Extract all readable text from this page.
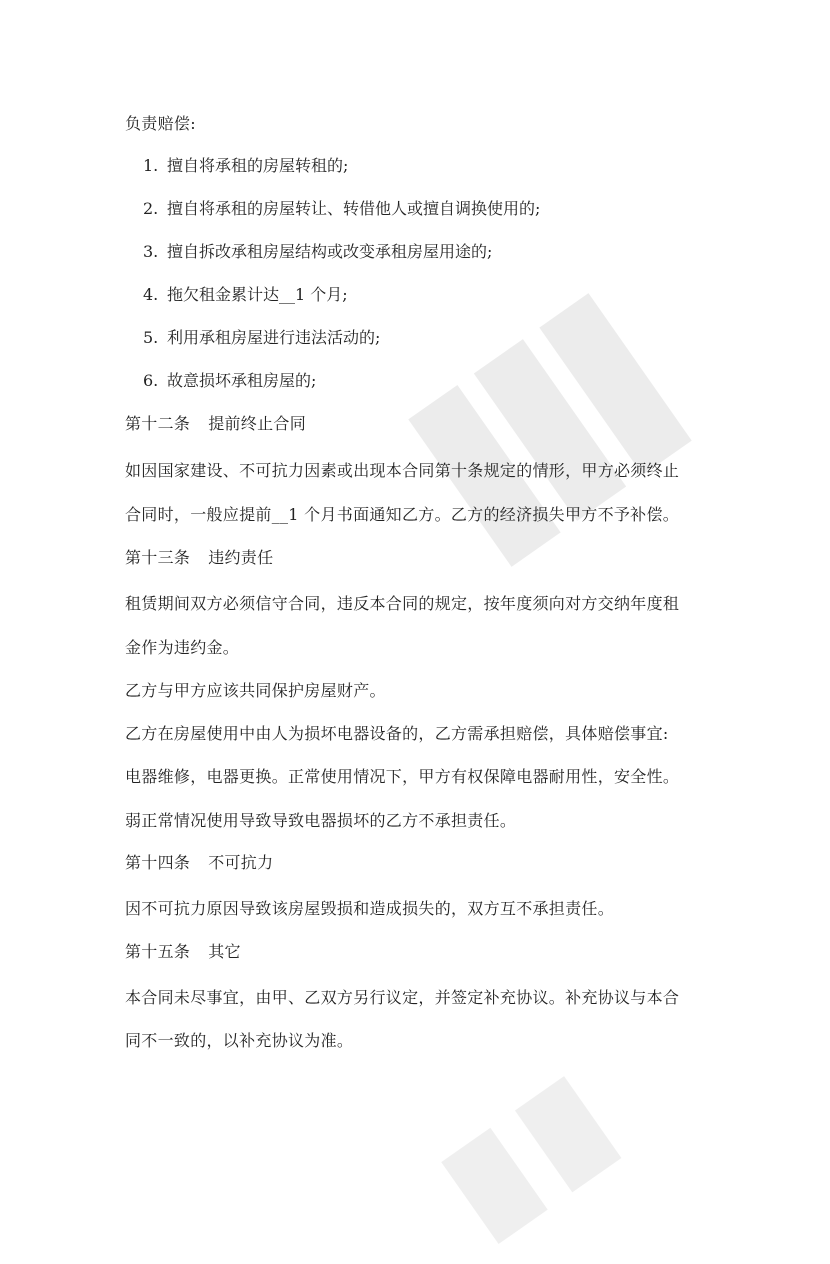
负责赔偿:
1. 擅自将承租的房屋转租的;
2. 擅自将承租的房屋转让、转借他人或擅自调换使用的;
3. 擅自拆改承租房屋结构或改变承租房屋用途的;
4. 拖欠租金累计达__1 个月;
5. 利用承租房屋进行违法活动的;
6. 故意损坏承租房屋的;
第十二条 提前终止合同
如因国家建设、不可抗力因素或出现本合同第十条规定的情形，甲方必须终止
合同时，一般应提前__1 个月书面通知乙方。乙方的经济损失甲方不予补偿。
第十三条 违约责任
租赁期间双方必须信守合同，违反本合同的规定，按年度须向对方交纳年度租
金作为违约金。
乙方与甲方应该共同保护房屋财产。
乙方在房屋使用中由人为损坏电器设备的，乙方需承担赔偿，具体赔偿事宜:
电器维修，电器更换。正常使用情况下，甲方有权保障电器耐用性，安全性。
弱正常情况使用导致导致电器损坏的乙方不承担责任。
第十四条 不可抗力
因不可抗力原因导致该房屋毁损和造成损失的，双方互不承担责任。
第十五条 其它
本合同未尽事宜，由甲、乙双方另行议定，并签定补充协议。补充协议与本合
同不一致的，以补充协议为准。
